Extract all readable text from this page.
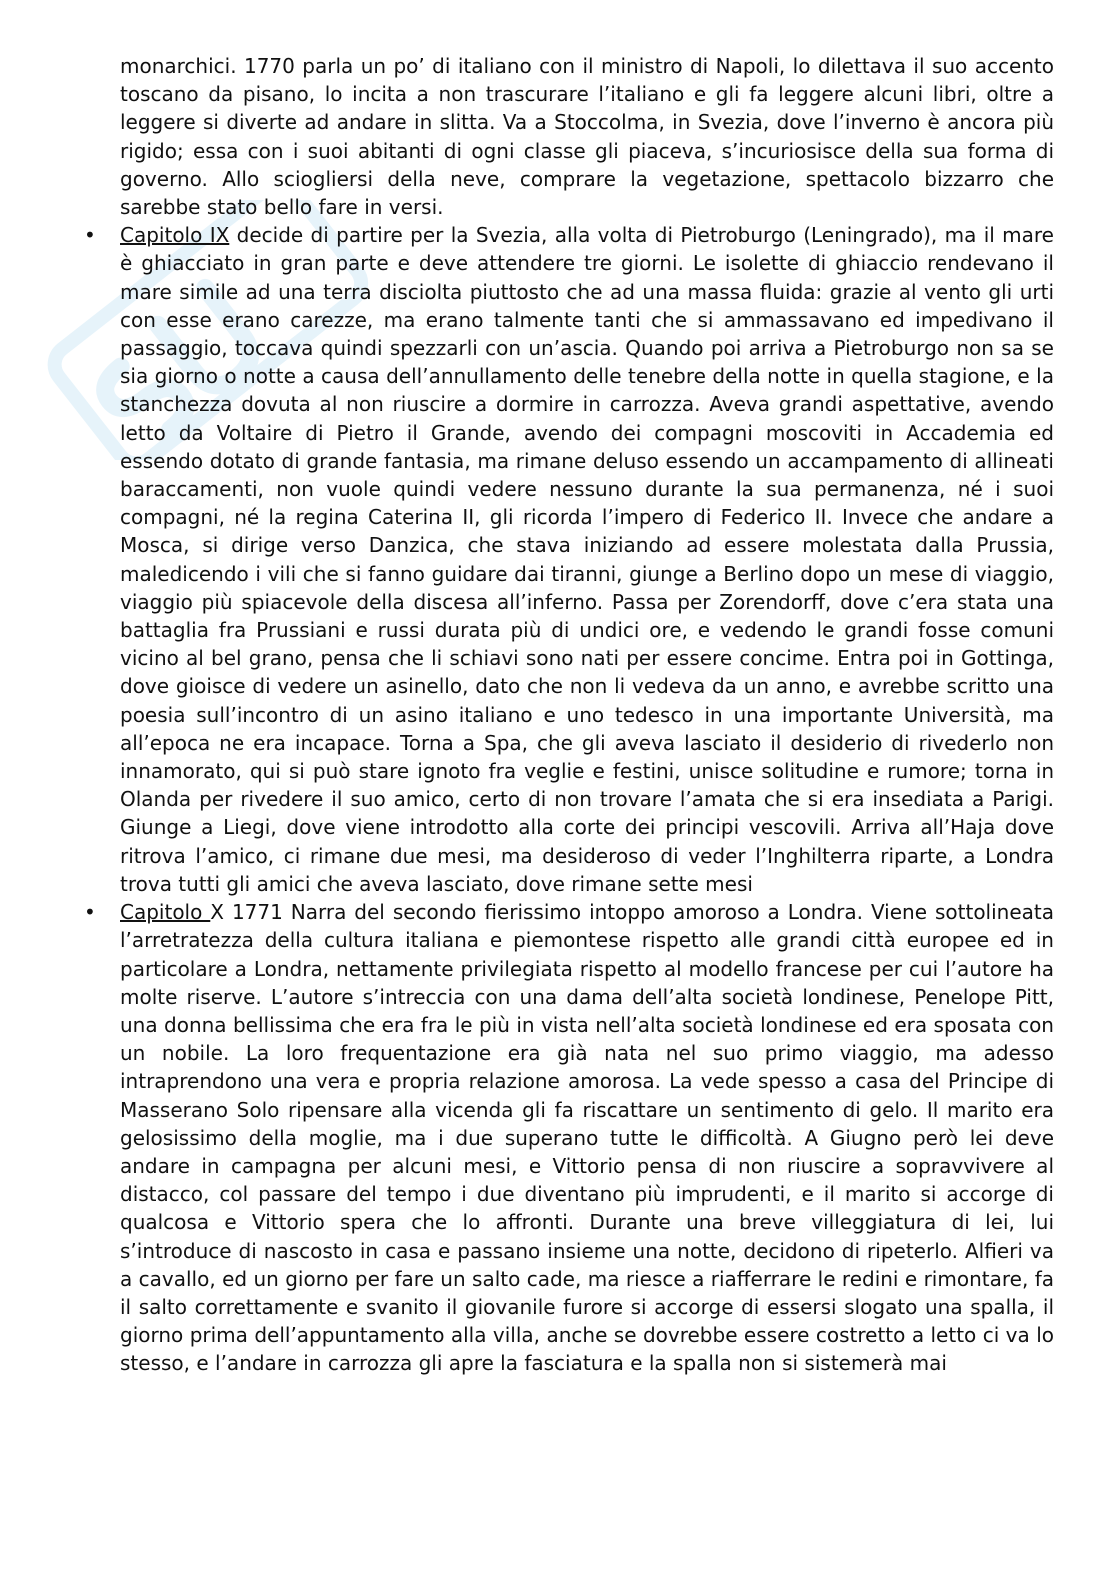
monarchici. 1770 parla un po’ di italiano con il ministro di Napoli, lo dilettava il suo accento toscano da pisano, lo incita a non trascurare l’italiano e gli fa leggere alcuni libri, oltre a leggere si diverte ad andare in slitta. Va a Stoccolma, in Svezia, dove l’inverno è ancora più rigido; essa con i suoi abitanti di ogni classe gli piaceva, s’incuriosisce della sua forma di governo. Allo sciogliersi della neve, comprare la vegetazione, spettacolo bizzarro che sarebbe stato bello fare in versi.

• Capitolo IX decide di partire per la Svezia, alla volta di Pietroburgo (Leningrado), ma il mare è ghiacciato in gran parte e deve attendere tre giorni. Le isolette di ghiaccio rendevano il mare simile ad una terra disciolta piuttosto che ad una massa fluida: grazie al vento gli urti con esse erano carezze, ma erano talmente tanti che si ammassavano ed impedivano il passaggio, toccava quindi spezzarli con un’ascia. Quando poi arriva a Pietroburgo non sa se sia giorno o notte a causa dell’annullamento delle tenebre della notte in quella stagione, e la stanchezza dovuta al non riuscire a dormire in carrozza. Aveva grandi aspettative, avendo letto da Voltaire di Pietro il Grande, avendo dei compagni moscoviti in Accademia ed essendo dotato di grande fantasia, ma rimane deluso essendo un accampamento di allineati baraccamenti, non vuole quindi vedere nessuno durante la sua permanenza, né i suoi compagni, né la regina Caterina II, gli ricorda l’impero di Federico II. Invece che andare a Mosca, si dirige verso Danzica, che stava iniziando ad essere molestata dalla Prussia, maledicendo i vili che si fanno guidare dai tiranni, giunge a Berlino dopo un mese di viaggio, viaggio più spiacevole della discesa all’inferno. Passa per Zorendorff, dove c’era stata una battaglia fra Prussiani e russi durata più di undici ore, e vedendo le grandi fosse comuni vicino al bel grano, pensa che li schiavi sono nati per essere concime. Entra poi in Gottinga, dove gioisce di vedere un asinello, dato che non li vedeva da un anno, e avrebbe scritto una poesia sull’incontro di un asino italiano e uno tedesco in una importante Università, ma all’epoca ne era incapace. Torna a Spa, che gli aveva lasciato il desiderio di rivederlo non innamorato, qui si può stare ignoto fra veglie e festini, unisce solitudine e rumore; torna in Olanda per rivedere il suo amico, certo di non trovare l’amata che si era insediata a Parigi. Giunge a Liegi, dove viene introdotto alla corte dei principi vescovili. Arriva all’Haja dove ritrova l’amico, ci rimane due mesi, ma desideroso di veder l’Inghilterra riparte, a Londra trova tutti gli amici che aveva lasciato, dove rimane sette mesi
• Capitolo X 1771 Narra del secondo fierissimo intoppo amoroso a Londra. Viene sottolineata l’arretratezza della cultura italiana e piemontese rispetto alle grandi città europee ed in particolare a Londra, nettamente privilegiata rispetto al modello francese per cui l’autore ha molte riserve. L’autore s’intreccia con una dama dell’alta società londinese, Penelope Pitt, una donna bellissima che era fra le più in vista nell’alta società londinese ed era sposata con un nobile. La loro frequentazione era già nata nel suo primo viaggio, ma adesso intraprendono una vera e propria relazione amorosa. La vede spesso a casa del Principe di Masserano Solo ripensare alla vicenda gli fa riscattare un sentimento di gelo. Il marito era gelosissimo della moglie, ma i due superano tutte le difficoltà. A Giugno però lei deve andare in campagna per alcuni mesi, e Vittorio pensa di non riuscire a sopravvivere al distacco, col passare del tempo i due diventano più imprudenti, e il marito si accorge di qualcosa e Vittorio spera che lo affronti. Durante una breve villeggiatura di lei, lui s’introduce di nascosto in casa e passano insieme una notte, decidono di ripeterlo. Alfieri va a cavallo, ed un giorno per fare un salto cade, ma riesce a riafferrare le redini e rimontare, fa il salto correttamente e svanito il giovanile furore si accorge di essersi slogato una spalla, il giorno prima dell’appuntamento alla villa, anche se dovrebbe essere costretto a letto ci va lo stesso, e l’andare in carrozza gli apre la fasciatura e la spalla non si sistemerà mai
